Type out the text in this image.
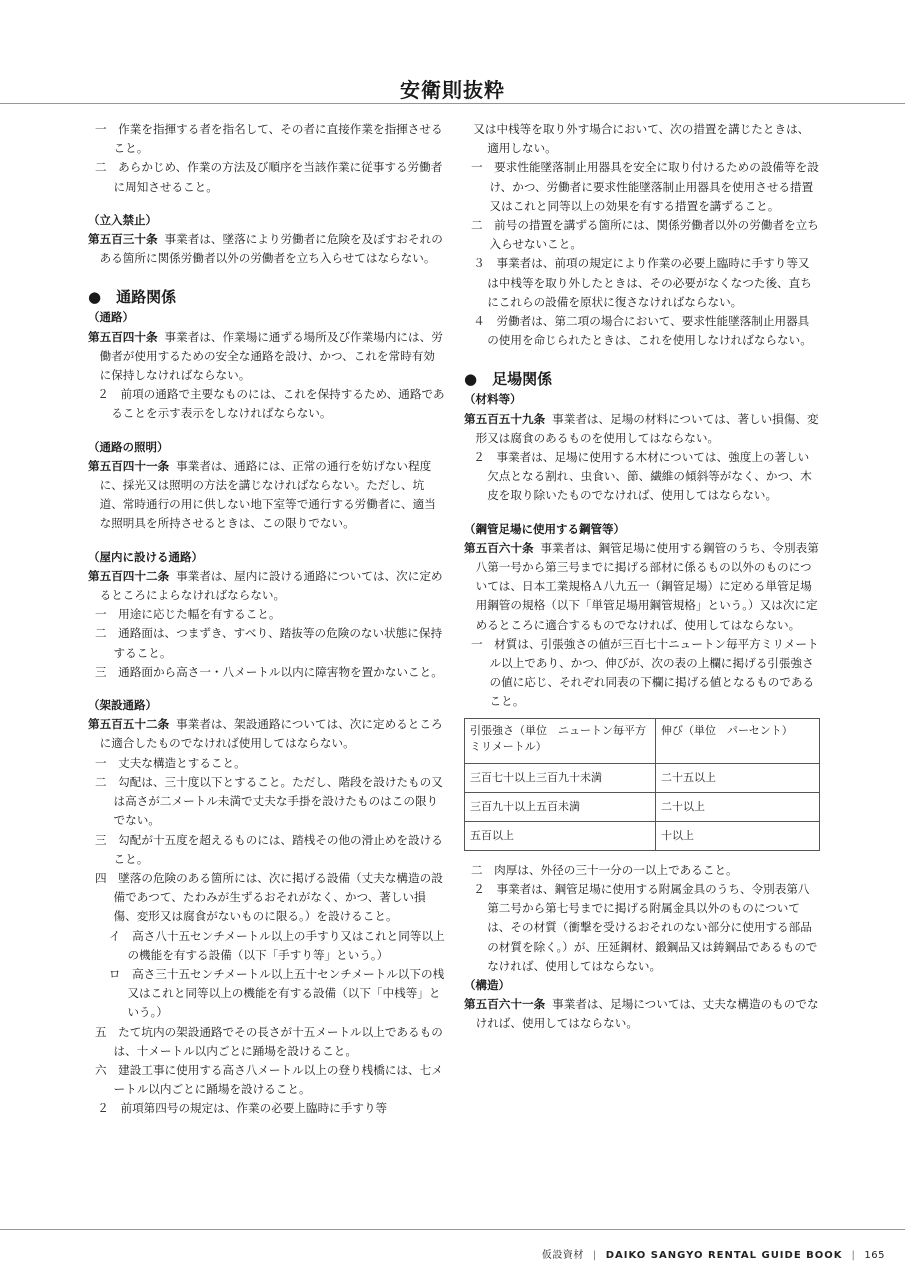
安衛則抜粋

一　作業を指揮する者を指名して、その者に直接作業を指揮させること。

二　あらかじめ、作業の方法及び順序を当該作業に従事する労働者に周知させること。

（立入禁止）

第五百三十条 事業者は、墜落により労働者に危険を及ぼすおそれのある箇所に関係労働者以外の労働者を立ち入らせてはならない。

●　通路関係

（通路）

第五百四十条 事業者は、作業場に通ずる場所及び作業場内には、労働者が使用するための安全な通路を設け、かつ、これを常時有効に保持しなければならない。

２　前項の通路で主要なものには、これを保持するため、通路であることを示す表示をしなければならない。

（通路の照明）

第五百四十一条 事業者は、通路には、正常の通行を妨げない程度に、採光又は照明の方法を講じなければならない。ただし、坑道、常時通行の用に供しない地下室等で通行する労働者に、適当な照明具を所持させるときは、この限りでない。

（屋内に設ける通路）

第五百四十二条 事業者は、屋内に設ける通路については、次に定めるところによらなければならない。

一　用途に応じた幅を有すること。

二　通路面は、つまずき、すべり、踏抜等の危険のない状態に保持すること。

三　通路面から高さ一・八メートル以内に障害物を置かないこと。

（架設通路）

第五百五十二条 事業者は、架設通路については、次に定めるところに適合したものでなければ使用してはならない。

一　丈夫な構造とすること。

二　勾配は、三十度以下とすること。ただし、階段を設けたもの又は高さが二メートル未満で丈夫な手掛を設けたものはこの限りでない。

三　勾配が十五度を超えるものには、踏桟その他の滑止めを設けること。

四　墜落の危険のある箇所には、次に掲げる設備（丈夫な構造の設備であつて、たわみが生ずるおそれがなく、かつ、著しい損傷、変形又は腐食がないものに限る。）を設けること。

イ　高さ八十五センチメートル以上の手すり又はこれと同等以上の機能を有する設備（以下「手すり等」という。）

ロ　高さ三十五センチメートル以上五十センチメートル以下の桟又はこれと同等以上の機能を有する設備（以下「中桟等」という。）

五　たて坑内の架設通路でその長さが十五メートル以上であるものは、十メートル以内ごとに踊場を設けること。

六　建設工事に使用する高さ八メートル以上の登り桟橋には、七メートル以内ごとに踊場を設けること。

２　前項第四号の規定は、作業の必要上臨時に手すり等

又は中桟等を取り外す場合において、次の措置を講じたときは、適用しない。

一　要求性能墜落制止用器具を安全に取り付けるための設備等を設け、かつ、労働者に要求性能墜落制止用器具を使用させる措置又はこれと同等以上の効果を有する措置を講ずること。

二　前号の措置を講ずる箇所には、関係労働者以外の労働者を立ち入らせないこと。

３　事業者は、前項の規定により作業の必要上臨時に手すり等又は中桟等を取り外したときは、その必要がなくなつた後、直ちにこれらの設備を原状に復さなければならない。

４　労働者は、第二項の場合において、要求性能墜落制止用器具の使用を命じられたときは、これを使用しなければならない。

●　足場関係

（材料等）

第五百五十九条 事業者は、足場の材料については、著しい損傷、変形又は腐食のあるものを使用してはならない。

２　事業者は、足場に使用する木材については、強度上の著しい欠点となる割れ、虫食い、節、繊維の傾斜等がなく、かつ、木皮を取り除いたものでなければ、使用してはならない。

（鋼管足場に使用する鋼管等）

第五百六十条 事業者は、鋼管足場に使用する鋼管のうち、令別表第八第一号から第三号までに掲げる部材に係るもの以外のものについては、日本工業規格Ａ八九五一（鋼管足場）に定める単管足場用鋼管の規格（以下「単管足場用鋼管規格」という。）又は次に定めるところに適合するものでなければ、使用してはならない。

一　材質は、引張強さの値が三百七十ニュートン毎平方ミリメートル以上であり、かつ、伸びが、次の表の上欄に掲げる引張強さの値に応じ、それぞれ同表の下欄に掲げる値となるものであること。

引張強さ（単位　ニュートン毎平方ミリメートル）	伸び（単位　パーセント）
三百七十以上三百九十未満	二十五以上
三百九十以上五百未満	二十以上
五百以上	十以上

二　肉厚は、外径の三十一分の一以上であること。

２　事業者は、鋼管足場に使用する附属金具のうち、令別表第八第二号から第七号までに掲げる附属金具以外のものについては、その材質（衝撃を受けるおそれのない部分に使用する部品の材質を除く。）が、圧延鋼材、鍛鋼品又は鋳鋼品であるものでなければ、使用してはならない。

（構造）

第五百六十一条 事業者は、足場については、丈夫な構造のものでなければ、使用してはならない。

仮設資材 | DAIKO SANGYO RENTAL GUIDE BOOK | 165
